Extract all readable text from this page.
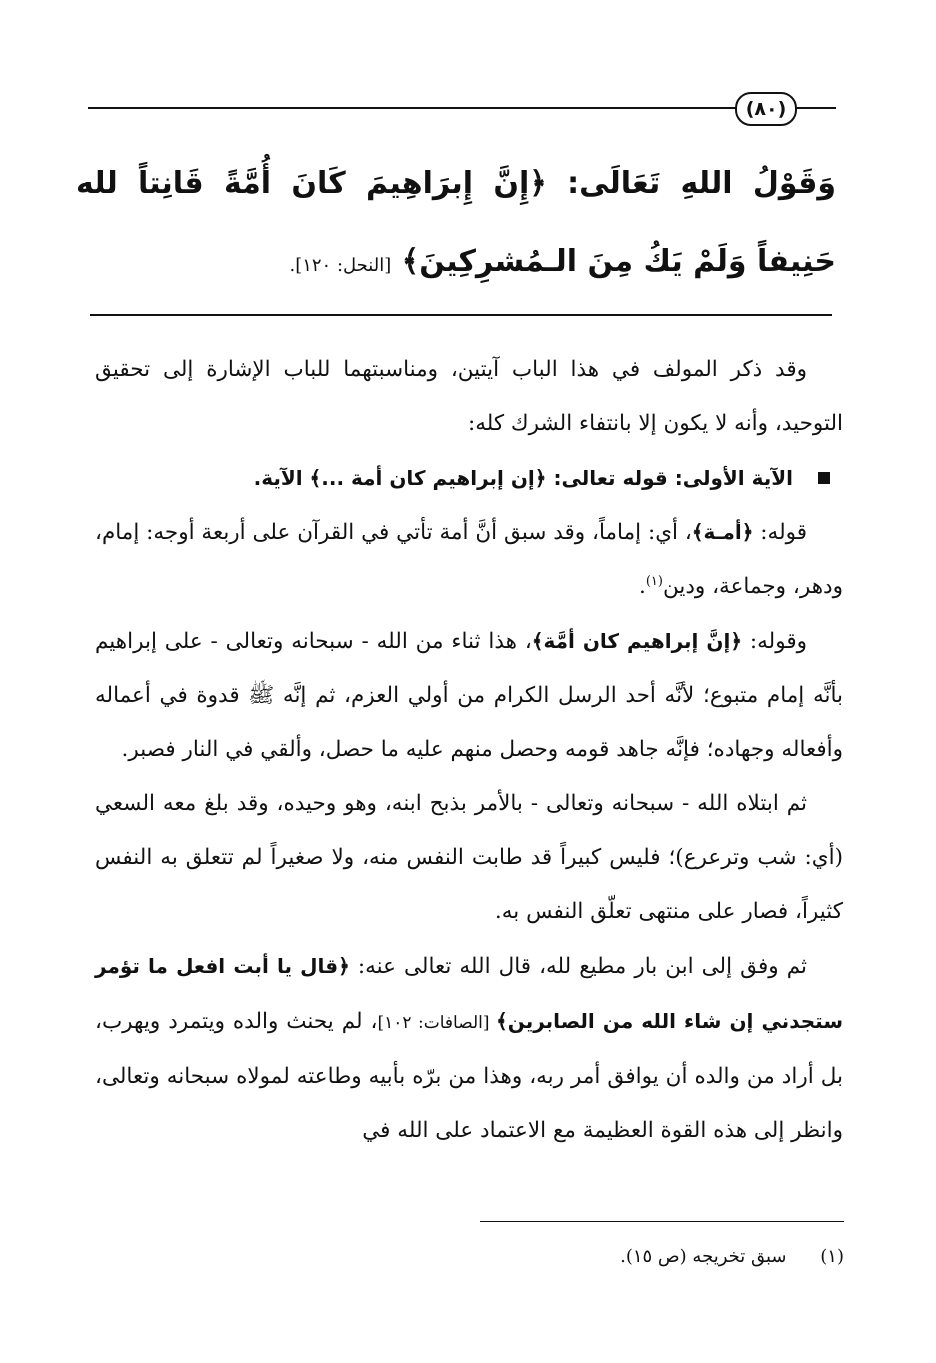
(٨٠)
وَقَوْلُ اللهِ تَعَالَى: ﴿إِنَّ إِبرَاهِيمَ كَانَ أُمَّةً قَانِتاً لله حَنِيفاً وَلَمْ يَكُ مِنَ الـمُشرِكِينَ﴾ [النحل: ١٢٠].

وقد ذكر المولف في هذا الباب آيتين، ومناسبتهما للباب الإشارة إلى تحقيق التوحيد، وأنه لا يكون إلا بانتفاء الشرك كله:

الآية الأولى: قوله تعالى: ﴿إن إبراهيم كان أمة ...﴾ الآية.

قوله: ﴿أمـة﴾، أي: إماماً، وقد سبق أنَّ أمة تأتي في القرآن على أربعة أوجه: إمام، ودهر، وجماعة، ودين$^{(١)}$.

وقوله: ﴿إنَّ إبراهيم كان أمَّة﴾، هذا ثناء من الله - سبحانه وتعالى - على إبراهيم بأنَّه إمام متبوع؛ لأنَّه أحد الرسل الكرام من أولي العزم، ثم إنَّه ﷺ قدوة في أعماله وأفعاله وجهاده؛ فإنَّه جاهد قومه وحصل منهم عليه ما حصل، وألقي في النار فصبر.

ثم ابتلاه الله - سبحانه وتعالى - بالأمر بذبح ابنه، وهو وحيده، وقد بلغ معه السعي (أي: شب وترعرع)؛ فليس كبيراً قد طابت النفس منه، ولا صغيراً لم تتعلق به النفس كثيراً، فصار على منتهى تعلّق النفس به.

ثم وفق إلى ابن بار مطيع لله، قال الله تعالى عنه: ﴿قال يا أبت افعل ما تؤمر ستجدني إن شاء الله من الصابرين﴾ [الصافات: ١٠٢]، لم يحنث والده ويتمرد ويهرب، بل أراد من والده أن يوافق أمر ربه، وهذا من برّه بأبيه وطاعته لمولاه سبحانه وتعالى، وانظر إلى هذه القوة العظيمة مع الاعتماد على الله في

(١) سبق تخريجه (ص ١٥).
